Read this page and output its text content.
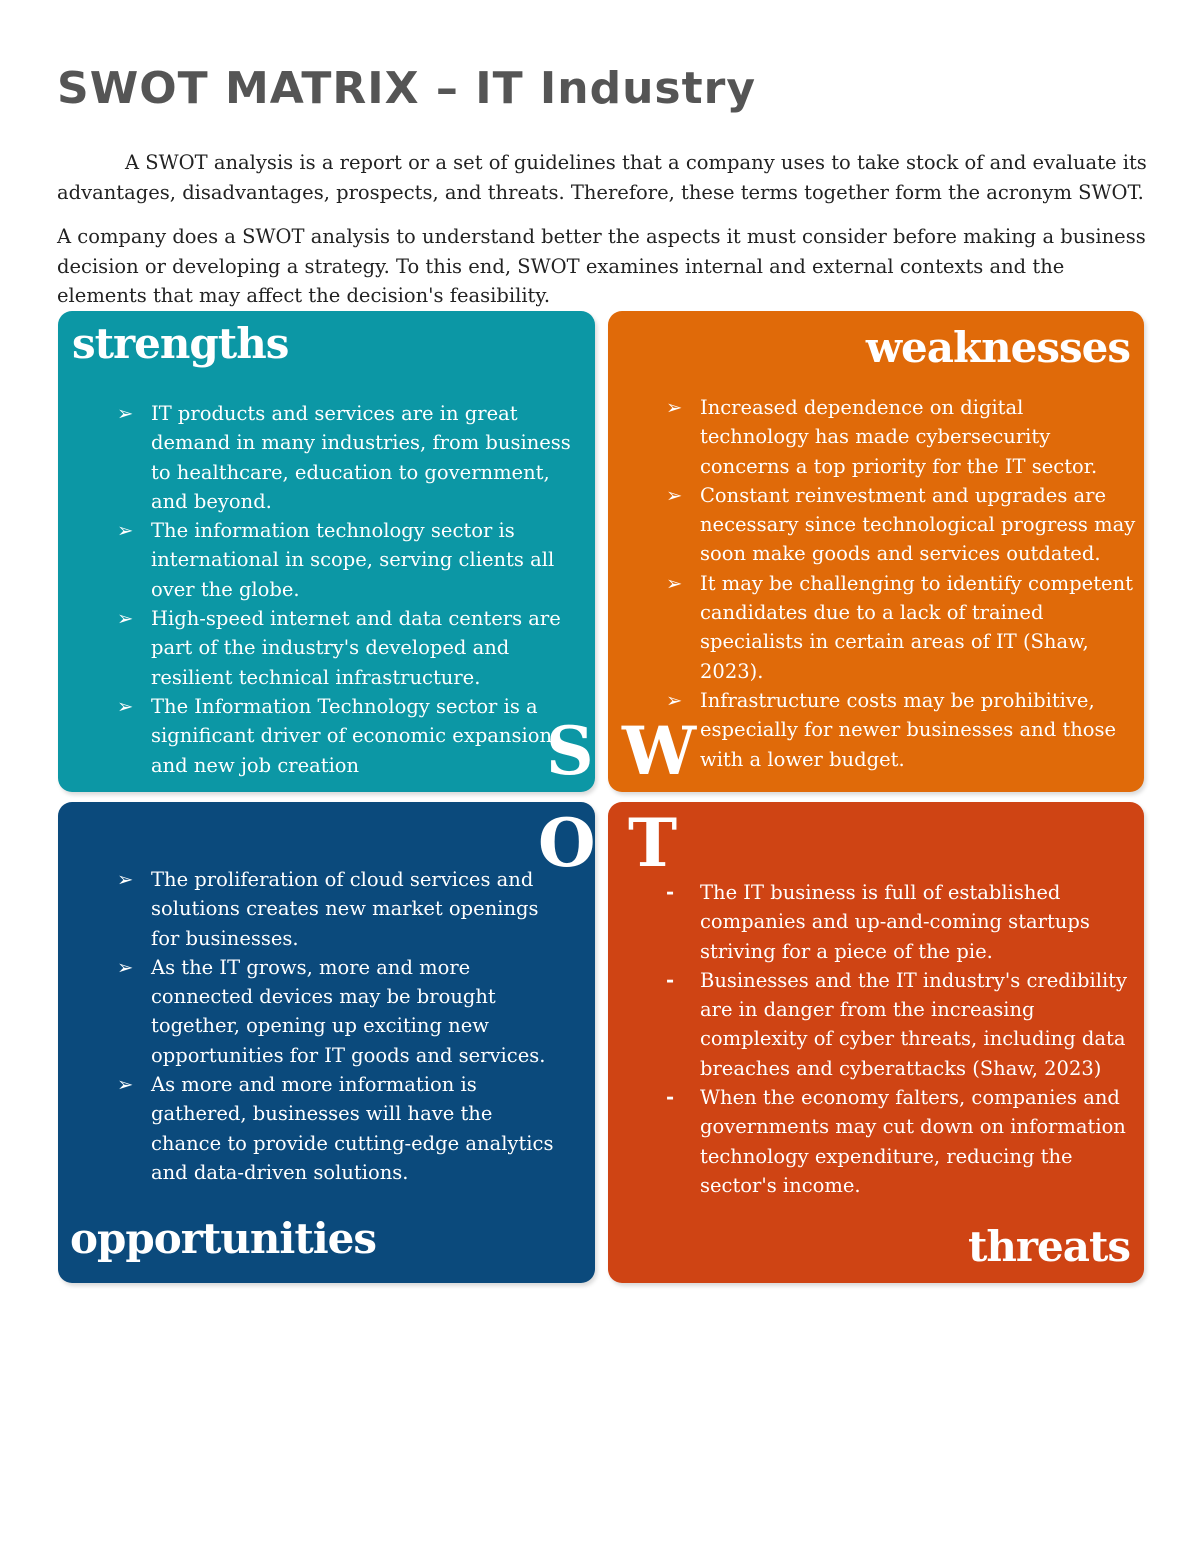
SWOT MATRIX – IT Industry

A SWOT analysis is a report or a set of guidelines that a company uses to take stock of and evaluate its advantages, disadvantages, prospects, and threats. Therefore, these terms together form the acronym SWOT.

A company does a SWOT analysis to understand better the aspects it must consider before making a business decision or developing a strategy. To this end, SWOT examines internal and external contexts and the elements that may affect the decision's feasibility.

strengths
➢ IT products and services are in great demand in many industries, from business to healthcare, education to government, and beyond.
➢ The information technology sector is international in scope, serving clients all over the globe.
➢ High-speed internet and data centers are part of the industry's developed and resilient technical infrastructure.
➢ The Information Technology sector is a significant driver of economic expansion and new job creation	S
weaknesses
➢ Increased dependence on digital technology has made cybersecurity concerns a top priority for the IT sector.
➢ Constant reinvestment and upgrades are necessary since technological progress may soon make goods and services outdated.
➢ It may be challenging to identify competent candidates due to a lack of trained specialists in certain areas of IT (Shaw, 2023).
➢ Infrastructure costs may be prohibitive, especially for newer businesses and those with a lower budget.
W
O
➢ The proliferation of cloud services and solutions creates new market openings for businesses.
➢ As the IT grows, more and more connected devices may be brought together, opening up exciting new opportunities for IT goods and services.
➢ As more and more information is gathered, businesses will have the chance to provide cutting-edge analytics and data-driven solutions.
opportunities
T
-	The IT business is full of established companies and up-and-coming startups striving for a piece of the pie.
-	Businesses and the IT industry's credibility are in danger from the increasing complexity of cyber threats, including data breaches and cyberattacks (Shaw, 2023)
-	When the economy falters, companies and governments may cut down on information technology expenditure, reducing the sector's income.
threats
